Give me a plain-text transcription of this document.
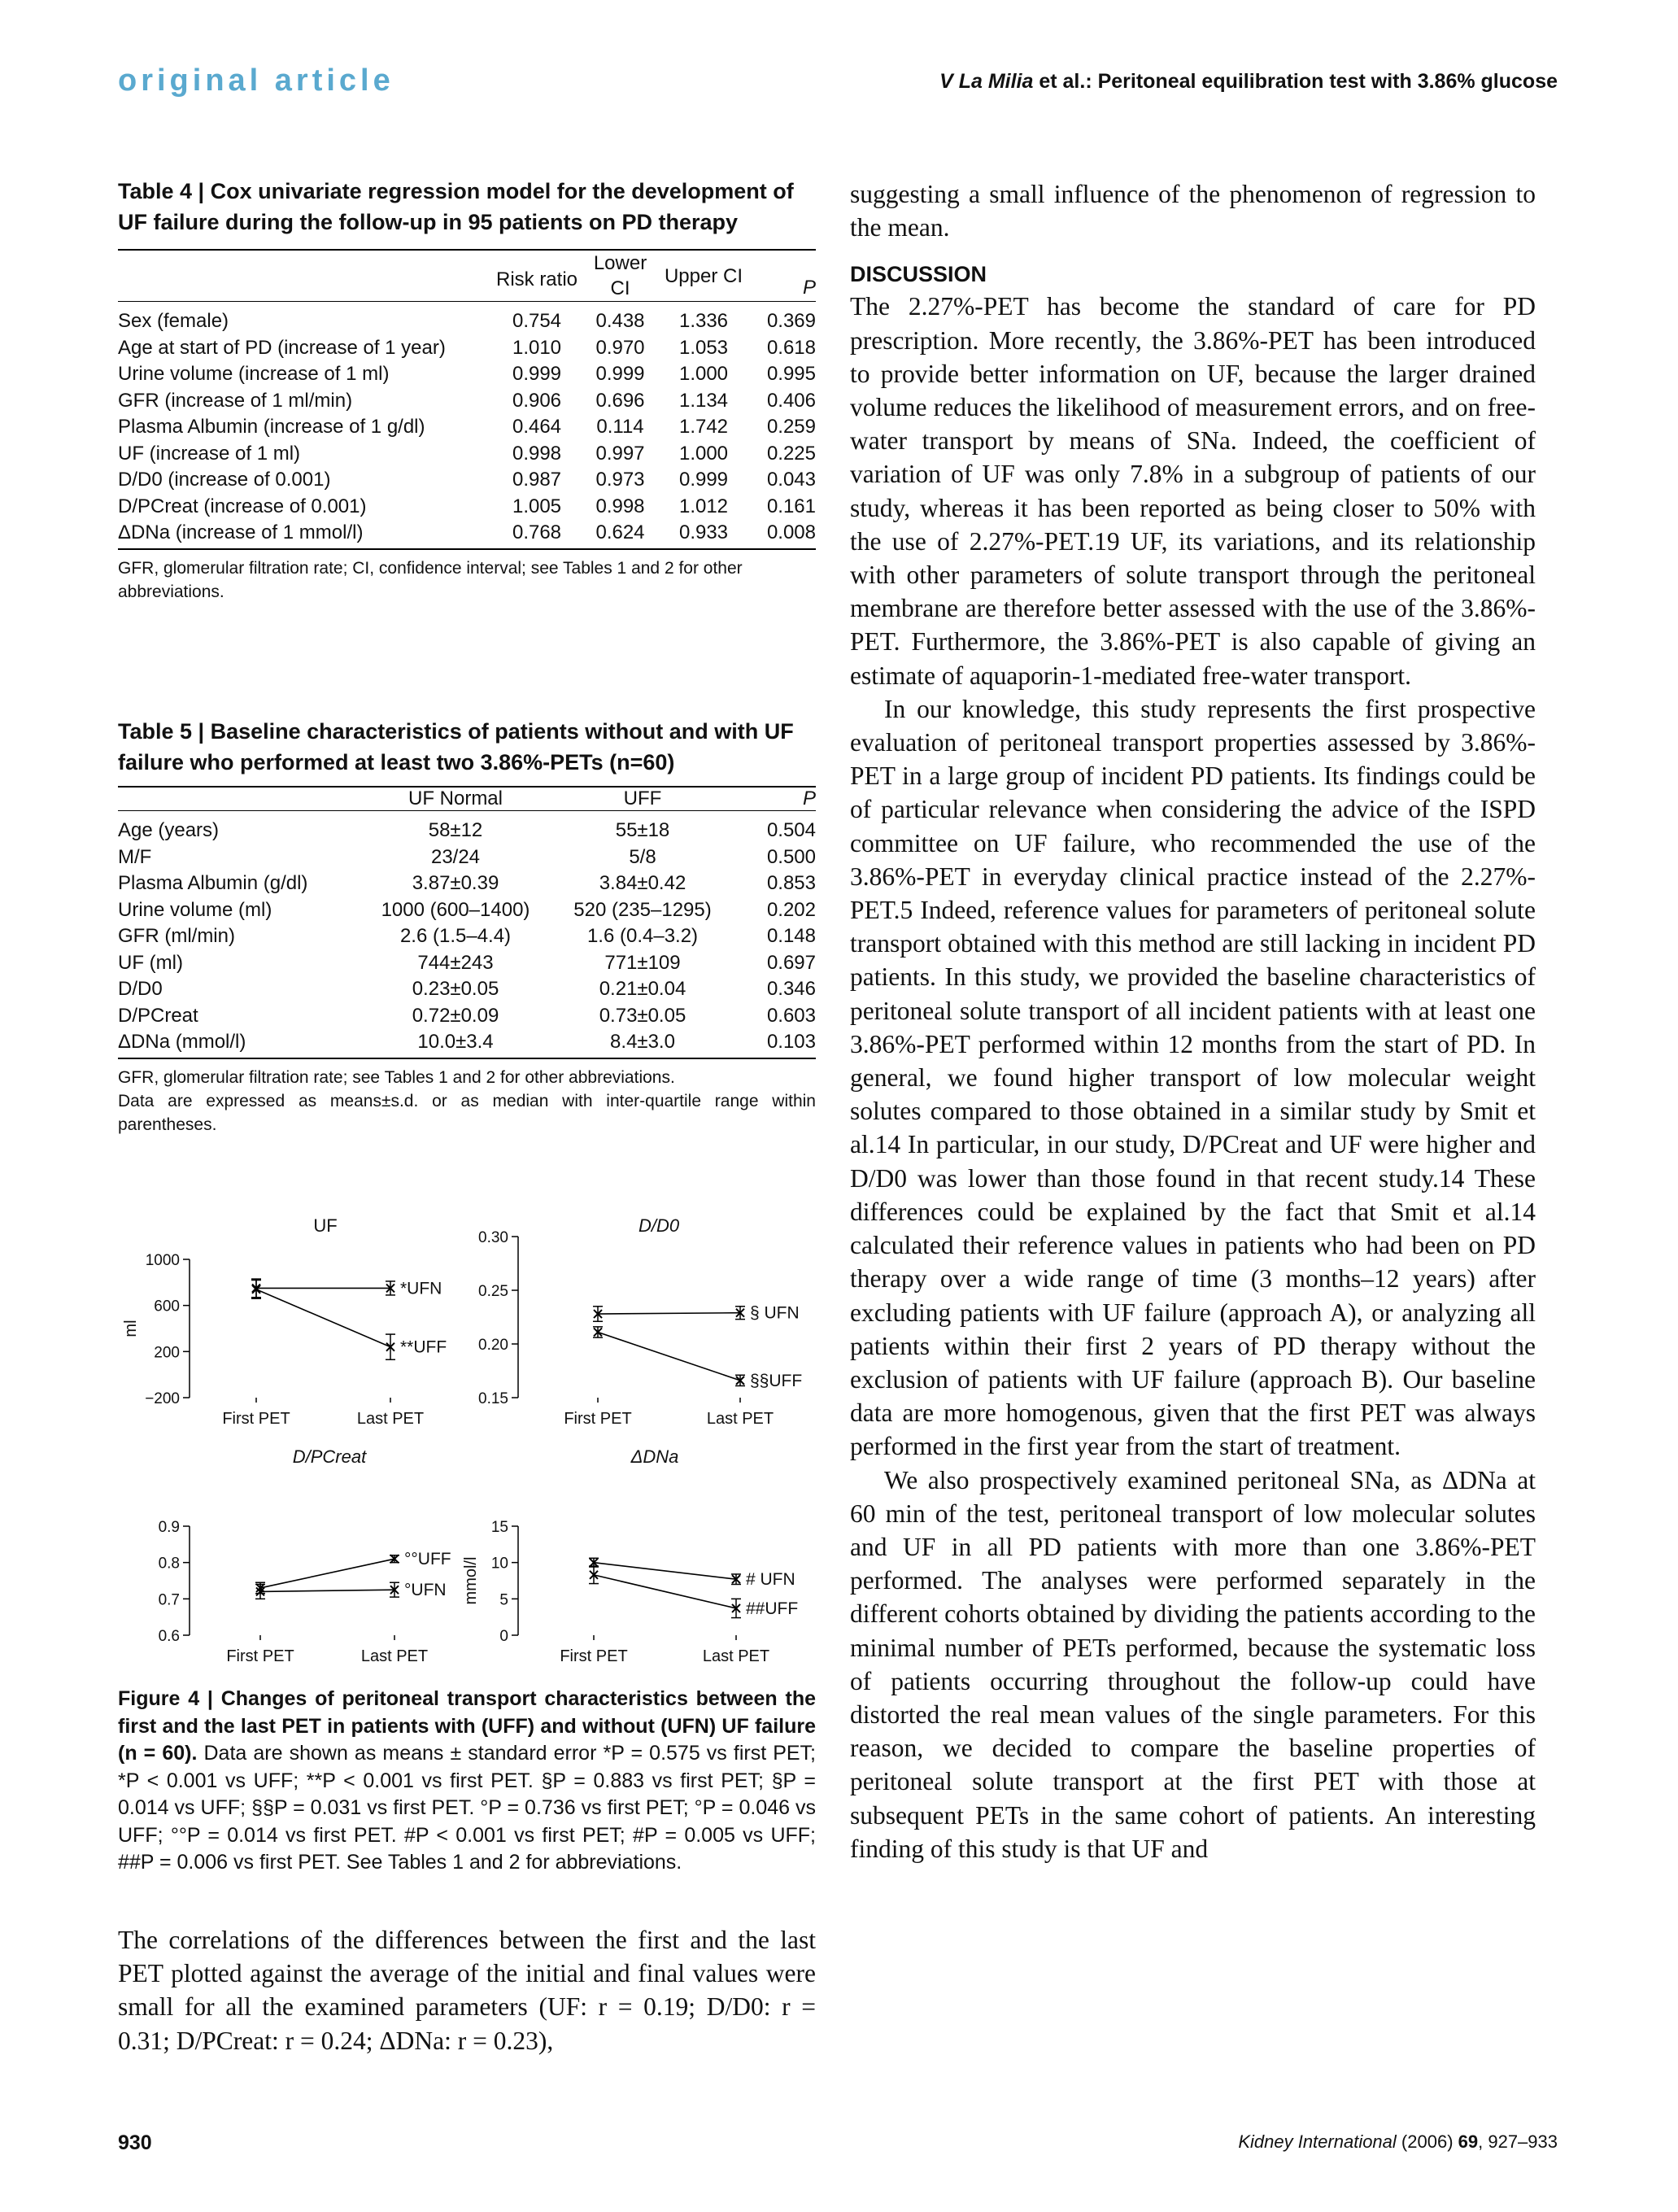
original article	V La Milia et al.: Peritoneal equilibration test with 3.86% glucose
Table 4 | Cox univariate regression model for the development of UF failure during the follow-up in 95 patients on PD therapy
	Risk ratio	Lower CI	Upper CI	P
Sex (female)	0.754	0.438	1.336	0.369
Age at start of PD (increase of 1 year)	1.010	0.970	1.053	0.618
Urine volume (increase of 1 ml)	0.999	0.999	1.000	0.995
GFR (increase of 1 ml/min)	0.906	0.696	1.134	0.406
Plasma Albumin (increase of 1 g/dl)	0.464	0.114	1.742	0.259
UF (increase of 1 ml)	0.998	0.997	1.000	0.225
D/D0 (increase of 0.001)	0.987	0.973	0.999	0.043
D/PCreat (increase of 0.001)	1.005	0.998	1.012	0.161
ΔDNa (increase of 1 mmol/l)	0.768	0.624	0.933	0.008
GFR, glomerular filtration rate; CI, confidence interval; see Tables 1 and 2 for other abbreviations.
Table 5 | Baseline characteristics of patients without and with UF failure who performed at least two 3.86%-PETs (n=60)
	UF Normal	UFF	P
Age (years)	58±12	55±18	0.504
M/F	23/24	5/8	0.500
Plasma Albumin (g/dl)	3.87±0.39	3.84±0.42	0.853
Urine volume (ml)	1000 (600–1400)	520 (235–1295)	0.202
GFR (ml/min)	2.6 (1.5–4.4)	1.6 (0.4–3.2)	0.148
UF (ml)	744±243	771±109	0.697
D/D0	0.23±0.05	0.21±0.04	0.346
D/PCreat	0.72±0.09	0.73±0.05	0.603
ΔDNa (mmol/l)	10.0±3.4	8.4±3.0	0.103
GFR, glomerular filtration rate; see Tables 1 and 2 for other abbreviations.
Data are expressed as means±s.d. or as median with inter-quartile range within parentheses.
1000
600
200
−200
First PET	Last PET
UF
ml
*UFN
**UFF
0.30
0.25
0.20
0.15
First PET	Last PET
D/D0
§ UFN
§§UFF
0.9
0.8
0.7
0.6
First PET	Last PET
D/PCreat
°°UFF
°UFN
15
10
5
0
First PET	Last PET
ΔDNa
mmol/l	# UFN
##UFF
Figure 4 | Changes of peritoneal transport characteristics between the first and the last PET in patients with (UFF) and without (UFN) UF failure (n = 60). Data are shown as means ± standard error *P = 0.575 vs first PET; *P < 0.001 vs UFF; **P < 0.001 vs first PET. §P = 0.883 vs first PET; §P = 0.014 vs UFF; §§P = 0.031 vs first PET. °P = 0.736 vs first PET; °P = 0.046 vs UFF; °°P = 0.014 vs first PET. #P < 0.001 vs first PET; #P = 0.005 vs UFF; ##P = 0.006 vs first PET. See Tables 1 and 2 for abbreviations.
The correlations of the differences between the first and the last PET plotted against the average of the initial and final values were small for all the examined parameters (UF: r = 0.19; D/D0: r = 0.31; D/PCreat: r = 0.24; ΔDNa: r = 0.23),

suggesting a small influence of the phenomenon of regression to the mean.

DISCUSSION

The 2.27%-PET has become the standard of care for PD prescription. More recently, the 3.86%-PET has been introduced to provide better information on UF, because the larger drained volume reduces the likelihood of measurement errors, and on free-water transport by means of SNa. Indeed, the coefficient of variation of UF was only 7.8% in a subgroup of patients of our study, whereas it has been reported as being closer to 50% with the use of 2.27%-PET.19 UF, its variations, and its relationship with other parameters of solute transport through the peritoneal membrane are therefore better assessed with the use of the 3.86%-PET. Furthermore, the 3.86%-PET is also capable of giving an estimate of aquaporin-1-mediated free-water transport.

In our knowledge, this study represents the first prospective evaluation of peritoneal transport properties assessed by 3.86%-PET in a large group of incident PD patients. Its findings could be of particular relevance when considering the advice of the ISPD committee on UF failure, who recommended the use of the 3.86%-PET in everyday clinical practice instead of the 2.27%-PET.5 Indeed, reference values for parameters of peritoneal solute transport obtained with this method are still lacking in incident PD patients. In this study, we provided the baseline characteristics of peritoneal solute transport of all incident patients with at least one 3.86%-PET performed within 12 months from the start of PD. In general, we found higher transport of low molecular weight solutes compared to those obtained in a similar study by Smit et al.14 In particular, in our study, D/PCreat and UF were higher and D/D0 was lower than those found in that recent study.14 These differences could be explained by the fact that Smit et al.14 calculated their reference values in patients who had been on PD therapy over a wide range of time (3 months–12 years) after excluding patients with UF failure (approach A), or analyzing all patients within their first 2 years of PD therapy without the exclusion of patients with UF failure (approach B). Our baseline data are more homogenous, given that the first PET was always performed in the first year from the start of treatment.

We also prospectively examined peritoneal SNa, as ΔDNa at 60 min of the test, peritoneal transport of low molecular solutes and UF in all PD patients with more than one 3.86%-PET performed. The analyses were performed separately in the different cohorts obtained by dividing the patients according to the minimal number of PETs performed, because the systematic loss of patients occurring throughout the follow-up could have distorted the real mean values of the single parameters. For this reason, we decided to compare the baseline properties of peritoneal solute transport at the first PET with those at subsequent PETs in the same cohort of patients. An interesting finding of this study is that UF and

930	Kidney International (2006) 69, 927–933
